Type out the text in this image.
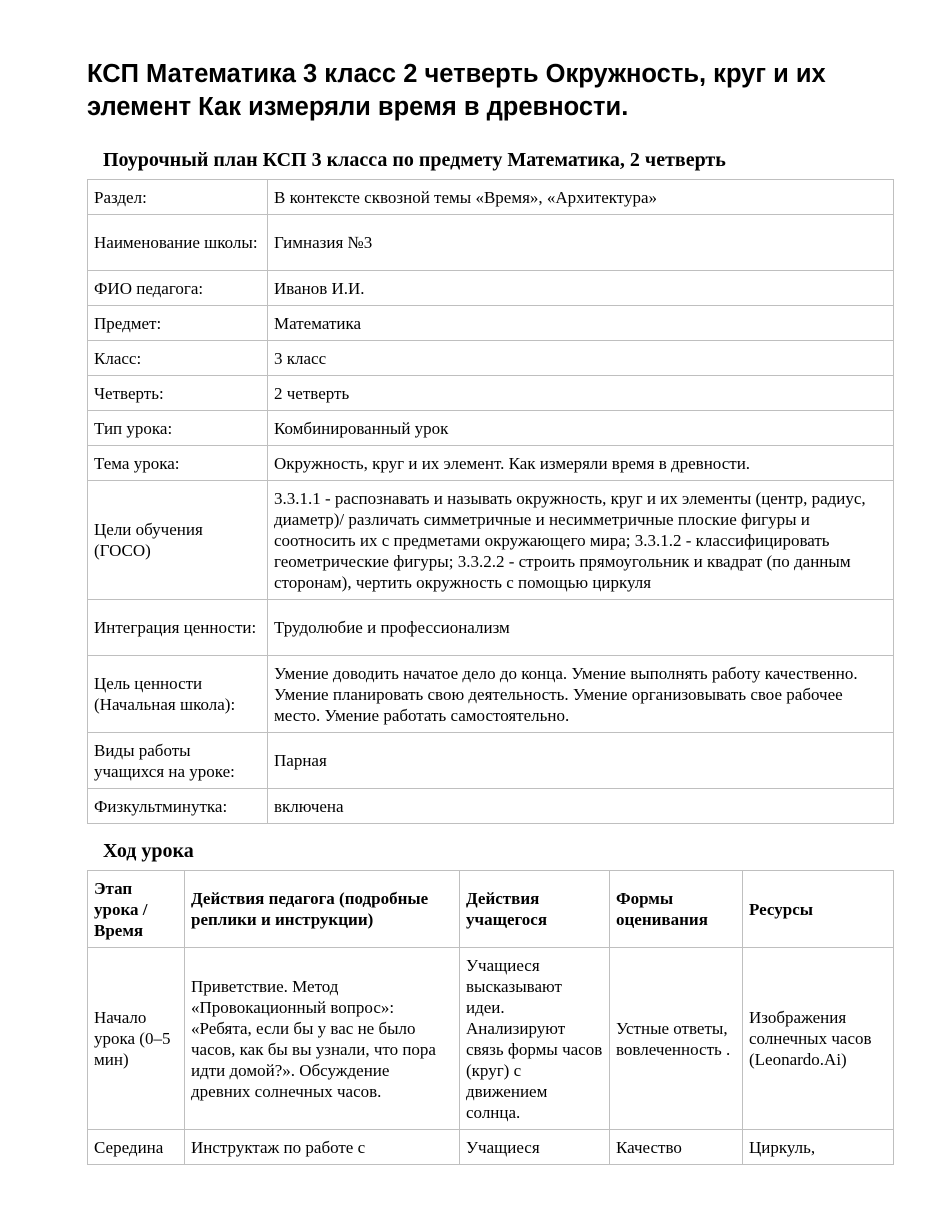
КСП Математика 3 класс 2 четверть Окружность, круг и их элемент Как измеряли время в древности.
Поурочный план КСП 3 класса по предмету Математика, 2 четверть
Раздел:	В контексте сквозной темы «Время», «Архитектура»
Наименование школы:	Гимназия №3
ФИО педагога:	Иванов И.И.
Предмет:	Математика
Класс:	3 класс
Четверть:	2 четверть
Тип урока:	Комбинированный урок
Тема урока:	Окружность, круг и их элемент. Как измеряли время в древности.
Цели обучения (ГОСО)	3.3.1.1 - распознавать и называть окружность, круг и их элементы (центр, радиус, диаметр)/ различать симметричные и несимметричные плоские фигуры и соотносить их с предметами окружающего мира; 3.3.1.2 - классифицировать геометрические фигуры; 3.3.2.2 - строить прямоугольник и квадрат (по данным сторонам), чертить окружность с помощью циркуля
Интеграция ценности:	Трудолюбие и профессионализм
Цель ценности (Начальная школа):	Умение доводить начатое дело до конца. Умение выполнять работу качественно. Умение планировать свою деятельность. Умение организовывать свое рабочее место. Умение работать самостоятельно.
Виды работы учащихся на уроке:	Парная
Физкультминутка:	включена
Ход урока
Этап урока / Время	Действия педагога (подробные реплики и инструкции)	Действия учащегося	Формы оценивания	Ресурсы
Начало урока (0–5 мин)	Приветствие. Метод «Провокационный вопрос»: «Ребята, если бы у вас не было часов, как бы вы узнали, что пора идти домой?». Обсуждение древних солнечных часов.	Учащиеся высказывают идеи. Анализируют связь формы часов (круг) с движением солнца.	Устные ответы, вовлеченность .	Изображения солнечных часов (Leonardo.Ai)
Середина	Инструктаж по работе с	Учащиеся	Качество	Циркуль,
